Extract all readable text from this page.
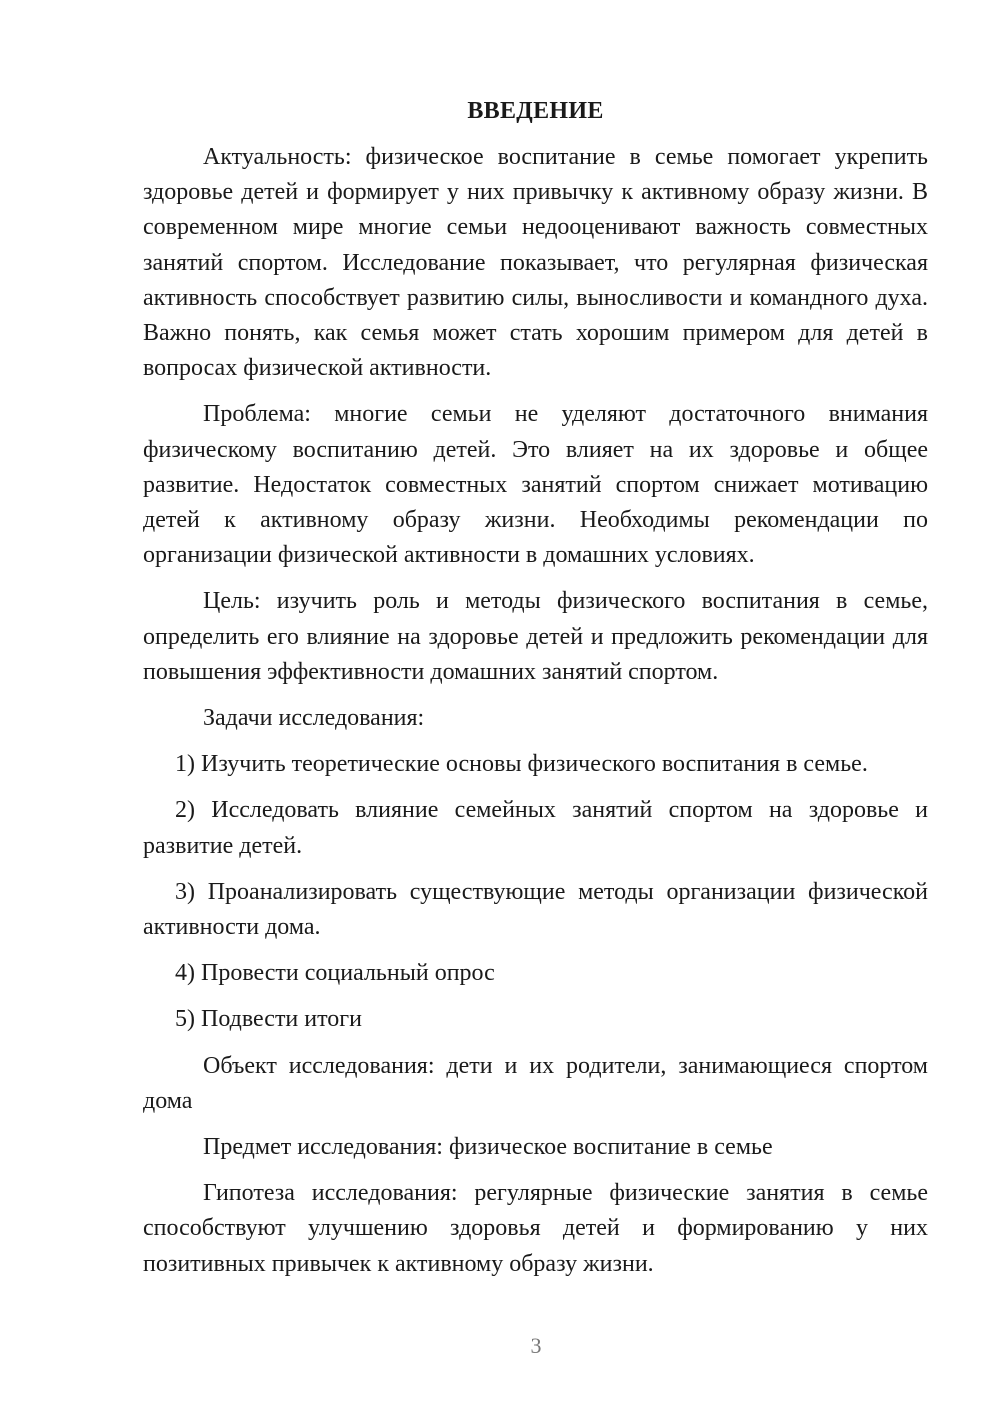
ВВЕДЕНИЕ

Актуальность: физическое воспитание в семье помогает укрепить здоровье детей и формирует у них привычку к активному образу жизни. В современном мире многие семьи недооценивают важность совместных занятий спортом. Исследование показывает, что регулярная физическая активность способствует развитию силы, выносливости и командного духа. Важно понять, как семья может стать хорошим примером для детей в вопросах физической активности.

Проблема: многие семьи не уделяют достаточного внимания физическому воспитанию детей. Это влияет на их здоровье и общее развитие. Недостаток совместных занятий спортом снижает мотивацию детей к активному образу жизни. Необходимы рекомендации по организации физической активности в домашних условиях.

Цель: изучить роль и методы физического воспитания в семье, определить его влияние на здоровье детей и предложить рекомендации для повышения эффективности домашних занятий спортом.

Задачи исследования:

1) Изучить теоретические основы физического воспитания в семье.

2) Исследовать влияние семейных занятий спортом на здоровье и развитие детей.

3) Проанализировать существующие методы организации физической активности дома.

4) Провести социальный опрос

5) Подвести итоги

Объект исследования: дети и их родители, занимающиеся спортом дома

Предмет исследования: физическое воспитание в семье

Гипотеза исследования: регулярные физические занятия в семье способствуют улучшению здоровья детей и формированию у них позитивных привычек к активному образу жизни.

3
